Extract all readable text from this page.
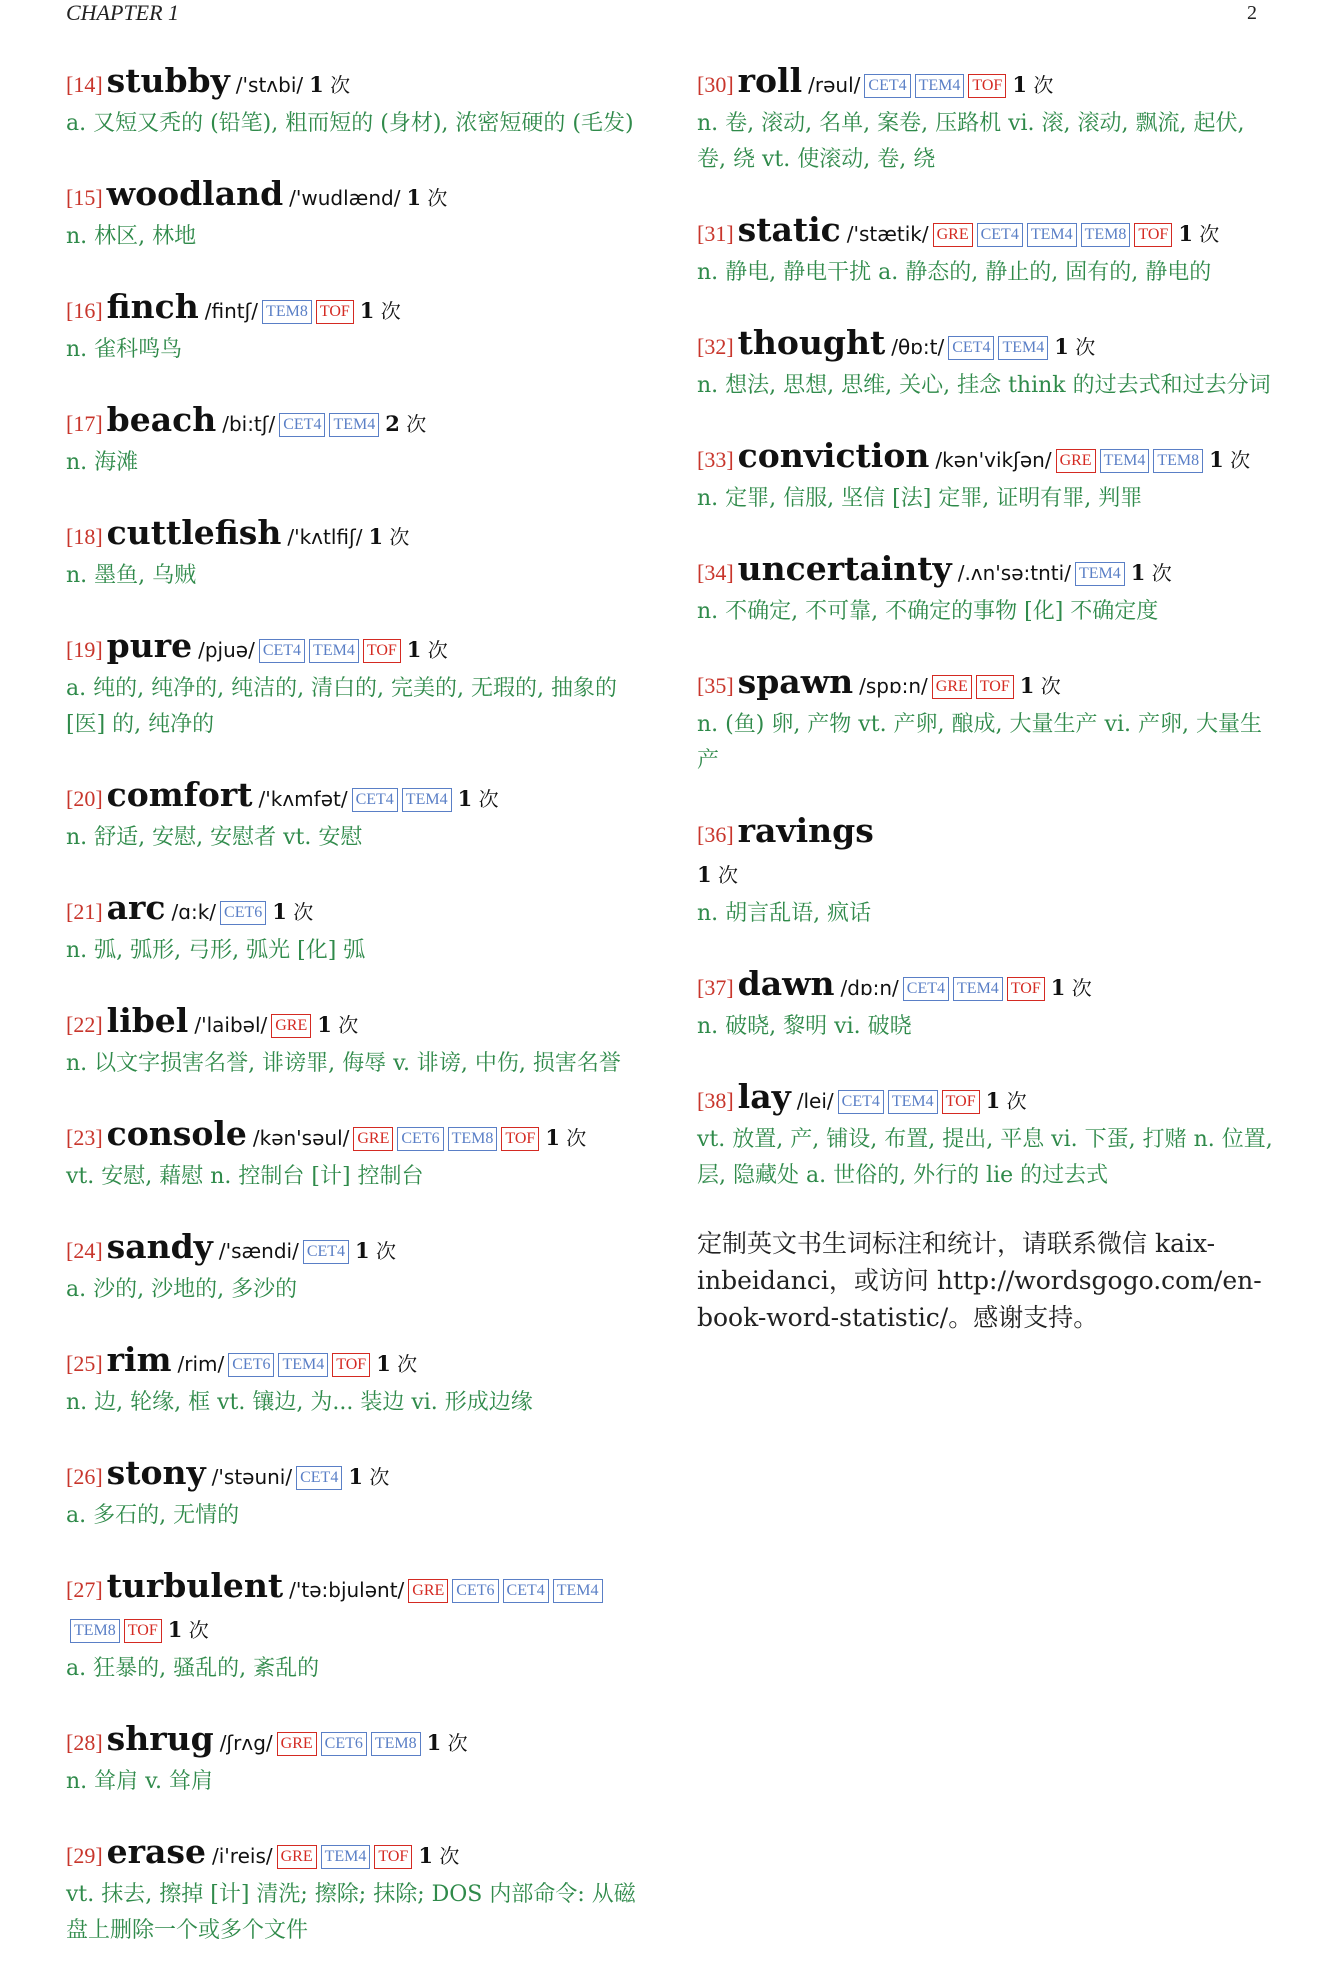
CHAPTER 1	2
[14] stubby /'stʌbi/ 1 次
a. 又短又秃的 (铅笔), 粗而短的 (身材), 浓密短硬的 (毛发)
[15] woodland /'wudlænd/ 1 次
n. 林区, 林地
[16] finch /fintʃ/ TEM8 TOF 1 次
n. 雀科鸣鸟
[17] beach /bi:tʃ/ CET4 TEM4 2 次
n. 海滩
[18] cuttlefish /'kʌtlfiʃ/ 1 次
n. 墨鱼, 乌贼
[19] pure /pjuə/ CET4 TEM4 TOF 1 次
a. 纯的, 纯净的, 纯洁的, 清白的, 完美的, 无瑕的, 抽象的 [医] 的, 纯净的
[20] comfort /'kʌmfət/ CET4 TEM4 1 次
n. 舒适, 安慰, 安慰者 vt. 安慰
[21] arc /ɑ:k/ CET6 1 次
n. 弧, 弧形, 弓形, 弧光 [化] 弧
[22] libel /'laibəl/ GRE 1 次
n. 以文字损害名誉, 诽谤罪, 侮辱 v. 诽谤, 中伤, 损害名誉
[23] console /kən'səul/ GRE CET6 TEM8 TOF 1 次
vt. 安慰, 藉慰 n. 控制台 [计] 控制台
[24] sandy /'sændi/ CET4 1 次
a. 沙的, 沙地的, 多沙的
[25] rim /rim/ CET6 TEM4 TOF 1 次
n. 边, 轮缘, 框 vt. 镶边, 为... 装边 vi. 形成边缘
[26] stony /'stəuni/ CET4 1 次
a. 多石的, 无情的
[27] turbulent /'tə:bjulənt/ GRE CET6 CET4 TEM4TEM8 TOF 1 次
a. 狂暴的, 骚乱的, 紊乱的
[28] shrug /ʃrʌg/ GRE CET6 TEM8 1 次
n. 耸肩 v. 耸肩
[29] erase /i'reis/ GRE TEM4 TOF 1 次
vt. 抹去, 擦掉 [计] 清洗; 擦除; 抹除; DOS 内部命令: 从磁盘上删除一个或多个文件
[30] roll /rəul/ CET4 TEM4 TOF 1 次
n. 卷, 滚动, 名单, 案卷, 压路机 vi. 滚, 滚动, 飘流, 起伏, 卷, 绕 vt. 使滚动, 卷, 绕
[31] static /'stætik/ GRE CET4 TEM4 TEM8 TOF 1 次
n. 静电, 静电干扰 a. 静态的, 静止的, 固有的, 静电的
[32] thought /θɒ:t/ CET4 TEM4 1 次
n. 想法, 思想, 思维, 关心, 挂念 think 的过去式和过去分词
[33] conviction /kən'vikʃən/ GRE TEM4 TEM8 1 次
n. 定罪, 信服, 坚信 [法] 定罪, 证明有罪, 判罪
[34] uncertainty /.ʌn'sə:tnti/ TEM4 1 次
n. 不确定, 不可靠, 不确定的事物 [化] 不确定度
[35] spawn /spɒ:n/ GRE TOF 1 次
n. (鱼) 卵, 产物 vt. 产卵, 酿成, 大量生产 vi. 产卵, 大量生产
[36] ravings
1 次
n. 胡言乱语, 疯话
[37] dawn /dɒ:n/ CET4 TEM4 TOF 1 次
n. 破晓, 黎明 vi. 破晓
[38] lay /lei/ CET4 TEM4 TOF 1 次
vt. 放置, 产, 铺设, 布置, 提出, 平息 vi. 下蛋, 打赌 n. 位置, 层, 隐藏处 a. 世俗的, 外行的 lie 的过去式
定制英文书生词标注和统计，请联系微信 kaix-inbeidanci，或访问 http://wordsgogo.com/en-book-word-statistic/。感谢支持。
